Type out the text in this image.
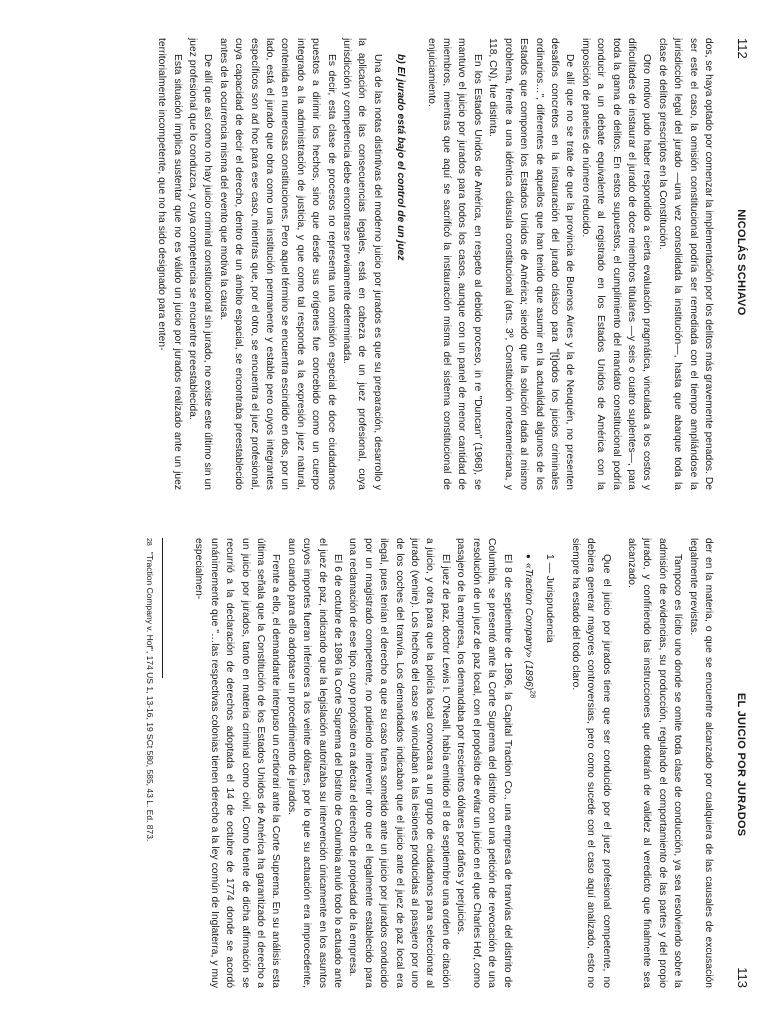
112
NICOLÁS SCHIAVO

dos, se haya optado por comenzar la implementación por los delitos más gravemente penados. De ser este el caso, la omisión constitucional podría ser remediada con el tiempo ampliándose la jurisdicción legal del jurado —una vez consolidada la institución—, hasta que abarque toda la clase de delitos prescriptos en la Constitución.

Otro motivo pudo haber respondido a cierta evaluación pragmática, vinculada a los costos y dificultades de instaurar el jurado de doce miembros titulares —y seis o cuatro suplentes—, para toda la gama de delitos. En estos supuestos, el cumplimiento del mandato constitucional podría conducir a un debate equivalente al registrado en los Estados Unidos de América con la imposición de paneles de número reducido.

De allí que no se trate de que la provincia de Buenos Aires y la de Neuquén, no presenten desafíos concretos en la instauración del jurado clásico para "[t]odos los juicios criminales ordinarios…", diferentes de aquellos que han tenido que asumir en la actualidad algunos de los Estados que componen los Estados Unidos de América; siendo que la solución dada al mismo problema, frente a una idéntica cláusula constitucional (arts. 3º, Constitución norteamericana, y 118, CN), fue distinta.

En los Estados Unidos de América, en respeto al debido proceso, in re "Duncan" (1968), se mantuvo el juicio por jurados para todos los casos, aunque con un panel de menor cantidad de miembros, mientras que aquí se sacrificó la instauración misma del sistema constitucional de enjuiciamiento.

b) El jurado está bajo el control de un juez

Una de las notas distintivas del moderno juicio por jurados es que su preparación, desarrollo y la aplicación de las consecuencias legales, está en cabeza de un juez profesional, cuya jurisdicción y competencia debe encontrarse previamente determinada.

Es decir, esta clase de procesos no representa una comisión especial de doce ciudadanos puestos a dirimir los hechos, sino que desde sus orígenes fue concebido como un cuerpo integrado a la administración de justicia, y que como tal responde a la expresión juez natural, contenida en numerosas constituciones. Pero aquel término se encuentra escindido en dos, por un lado, está el jurado que obra como una institución permanente y estable pero cuyos integrantes específicos son ad hoc para ese caso, mientras que, por el otro, se encuentra el juez profesional, cuya capacidad de decir el derecho, dentro de un ámbito espacial, se encontraba preestablecido antes de la ocurrencia misma del evento que motiva la causa.

De allí que así como no hay juicio criminal constitucional sin jurado, no existe este último sin un juez profesional que lo conduzca, y cuya competencia se encuentre preestablecida.

Esta situación implica sustentar que no es válido un juicio por jurados realizado ante un juez territorialmente incompetente, que no ha sido designado para enten-

EL JUICIO POR JURADOS
113

der en la materia, o que se encuentre alcanzado por cualquiera de las causales de excusación legalmente previstas.

Tampoco es lícito uno donde se omite toda clase de conducción, ya sea resolviendo sobre la admisión de evidencias, su producción, regulando el comportamiento de las partes y del propio jurado, y confiriendo las instrucciones que dotarán de validez al veredicto que finalmente sea alcanzado.

Que el juicio por jurados tiene que ser conducido por el juez profesional competente, no debiera generar mayores controversias, pero como sucede con el caso aquí analizado, esto no siempre ha estado del todo claro.

1 — Jurisprudencia

●«Traction Company» $(1896)^{28}$

El 8 de septiembre de 1896, la Capital Traction Co., una empresa de tranvías del distrito de Columbia, se presentó ante la Corte Suprema del distrito con una petición de revocación de una resolución de un juez de paz local, con el propósito de evitar un juicio en el que Charles Hof, como pasajero de la empresa, los demandaba por trescientos dólares por daños y perjuicios.

El juez de paz, doctor Lewis I. O'Neall, había emitido el 8 de septiembre una orden de citación a juicio, y otra para que la policía local convocara a un grupo de ciudadanos para seleccionar al jurado (venire). Los hechos del caso se vinculaban a las lesiones producidas al pasajero por uno de los coches del tranvía. Los demandados indicaban que el juicio ante el juez de paz local era ilegal, pues tenían el derecho a que su caso fuera sometido ante un juicio por jurados conducido por un magistrado competente, no pudiendo intervenir otro que el legalmente establecido para una reclamación de ese tipo, cuyo propósito era afectar el derecho de propiedad de la empresa.

El 6 de octubre de 1896 la Corte Suprema del Distrito de Columbia anuló todo lo actuado ante el juez de paz, indicando que la legislación autorizaba su intervención únicamente en los asuntos cuyos importes fueran inferiores a los veinte dólares, por lo que su actuación era improcedente, aun cuando para ello adoptase un procedimiento de jurados.

Frente a ello, el demandante interpuso un certiorari ante la Corte Suprema. En su análisis esta última señala que la Constitución de los Estados Unidos de América ha garantizado el derecho a un juicio por jurados, tanto en materia criminal como civil. Como fuente de dicha afirmación se recurrió a la declaración de derechos adoptada el 14 de octubre de 1774 donde se acordó unánimemente que "…las respectivas colonias tienen derecho a la ley común de Inglaterra, y muy especialmen-

28"Traction Company v. Hof", 174 US 1, 13-16, 19 SCt 580, 585, 43 L. Ed. 873.
